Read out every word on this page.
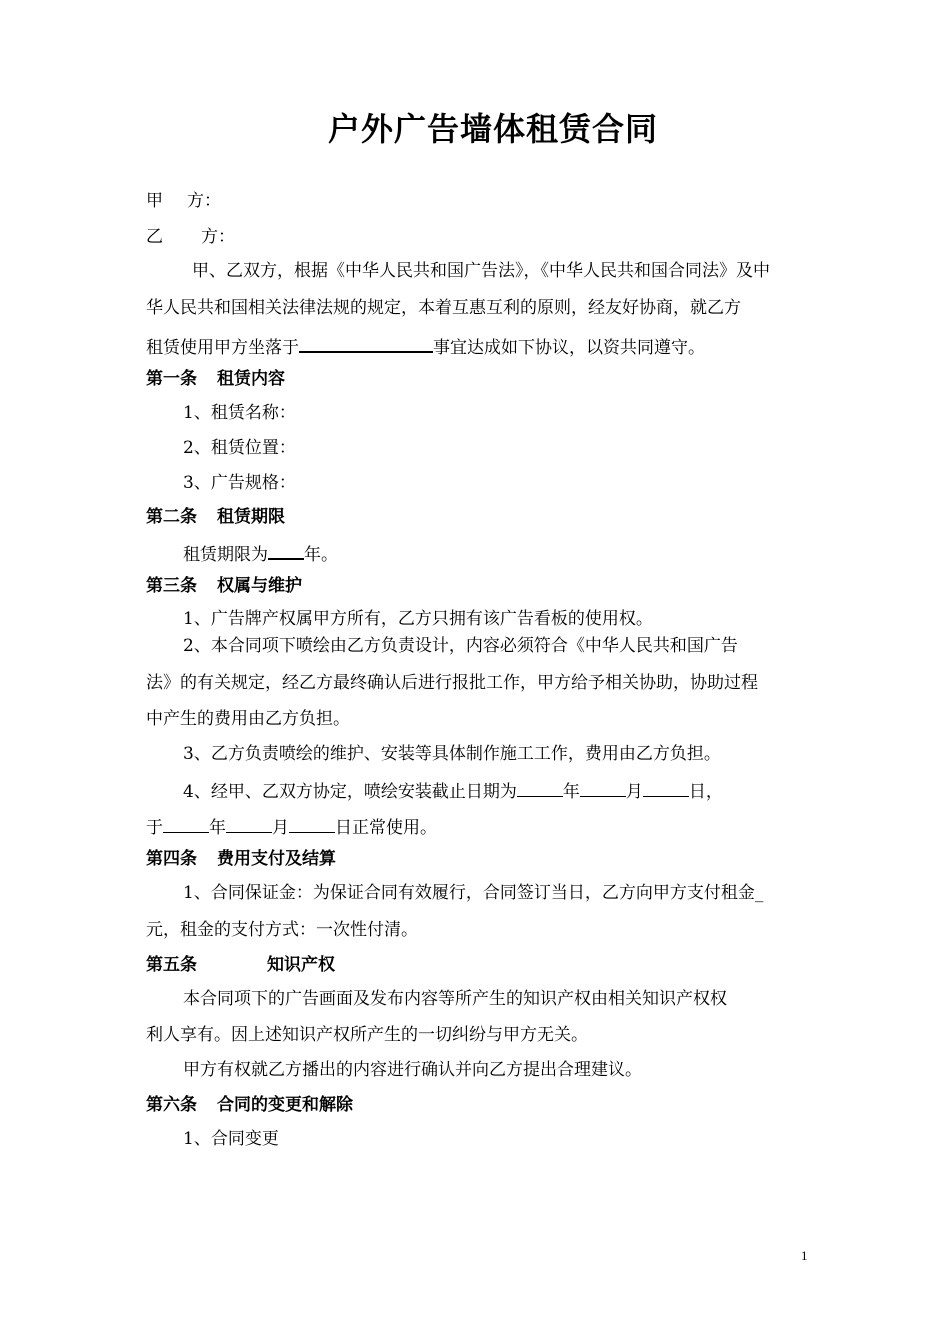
户外广告墙体租赁合同
甲 方：
乙 方：
甲、乙双方，根据《中华人民共和国广告法》，《中华人民共和国合同法》及中
华人民共和国相关法律法规的规定，本着互惠互利的原则，经友好协商，就乙方
租赁使用甲方坐落于	事宜达成如下协议，以资共同遵守。
第一条 租赁内容
1、租赁名称：
2、租赁位置：
3、广告规格：
第二条 租赁期限
租赁期限为 年。
第三条 权属与维护
1、广告牌产权属甲方所有，乙方只拥有该广告看板的使用权。
2、本合同项下喷绘由乙方负责设计，内容必须符合《中华人民共和国广告
法》的有关规定，经乙方最终确认后进行报批工作，甲方给予相关协助，协助过程
中产生的费用由乙方负担。
3、乙方负责喷绘的维护、安装等具体制作施工工作，费用由乙方负担。
4、经甲、乙双方协定，喷绘安装截止日期为	年	月	日，
于	年	月	日正常使用。
第四条 费用支付及结算
1、合同保证金：为保证合同有效履行，合同签订当日，乙方向甲方支付租金_
元，租金的支付方式：一次性付清。
第五条	知识产权
本合同项下的广告画面及发布内容等所产生的知识产权由相关知识产权权
利人享有。因上述知识产权所产生的一切纠纷与甲方无关。
甲方有权就乙方播出的内容进行确认并向乙方提出合理建议。
第六条 合同的变更和解除
1、合同变更
1
